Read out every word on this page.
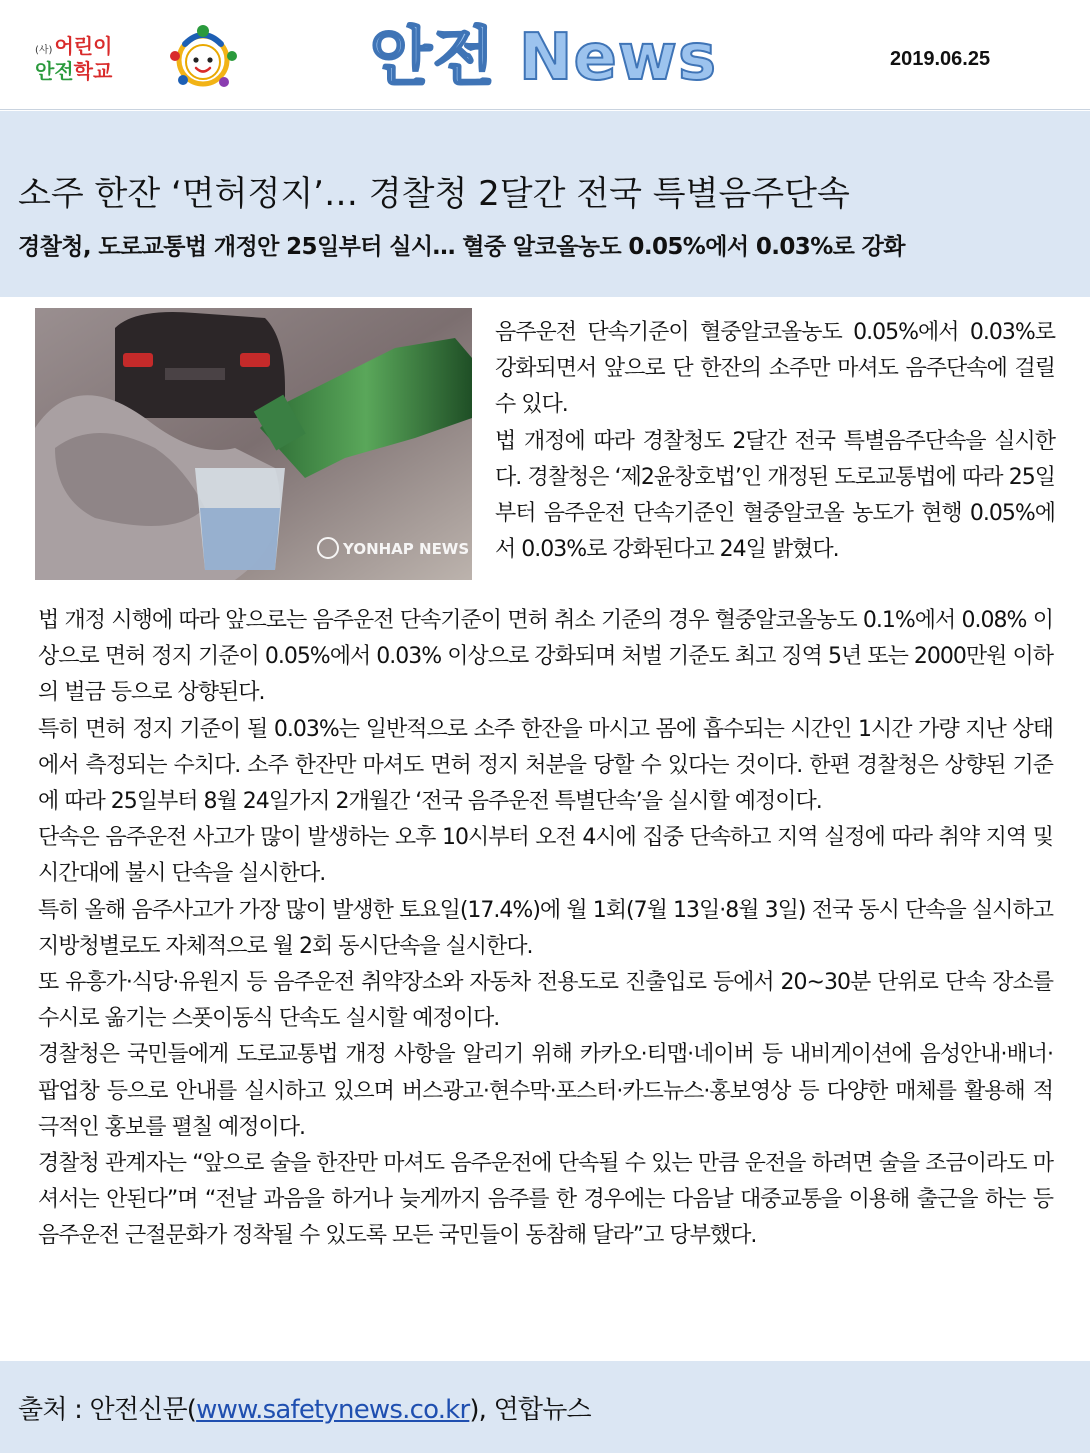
(사) 어린이
안전학교	안전 News	2019.06.25
소주 한잔 ‘면허정지’… 경찰청 2달간 전국 특별음주단속
경찰청, 도로교통법 개정안 25일부터 실시… 혈중 알코올농도 0.05%에서 0.03%로 강화
YONHAP NEWS

음주운전 단속기준이 혈중알코올농도 0.05%에서 0.03%로 강화되면서 앞으로 단 한잔의 소주만 마셔도 음주단속에 걸릴 수 있다.

법 개정에 따라 경찰청도 2달간 전국 특별음주단속을 실시한다. 경찰청은 ‘제2윤창호법’인 개정된 도로교통법에 따라 25일부터 음주운전 단속기준인 혈중알코올 농도가 현행 0.05%에서 0.03%로 강화된다고 24일 밝혔다.

법 개정 시행에 따라 앞으로는 음주운전 단속기준이 면허 취소 기준의 경우 혈중알코올농도 0.1%에서 0.08% 이상으로 면허 정지 기준이 0.05%에서 0.03% 이상으로 강화되며 처벌 기준도 최고 징역 5년 또는 2000만원 이하의 벌금 등으로 상향된다.

특히 면허 정지 기준이 될 0.03%는 일반적으로 소주 한잔을 마시고 몸에 흡수되는 시간인 1시간 가량 지난 상태에서 측정되는 수치다. 소주 한잔만 마셔도 면허 정지 처분을 당할 수 있다는 것이다. 한편 경찰청은 상향된 기준에 따라 25일부터 8월 24일가지 2개월간 ‘전국 음주운전 특별단속’을 실시할 예정이다.

단속은 음주운전 사고가 많이 발생하는 오후 10시부터 오전 4시에 집중 단속하고 지역 실정에 따라 취약 지역 및 시간대에 불시 단속을 실시한다.

특히 올해 음주사고가 가장 많이 발생한 토요일(17.4%)에 월 1회(7월 13일·8월 3일) 전국 동시 단속을 실시하고 지방청별로도 자체적으로 월 2회 동시단속을 실시한다.

또 유흥가·식당·유원지 등 음주운전 취약장소와 자동차 전용도로 진출입로 등에서 20~30분 단위로 단속 장소를 수시로 옮기는 스폿이동식 단속도 실시할 예정이다.

경찰청은 국민들에게 도로교통법 개정 사항을 알리기 위해 카카오·티맵·네이버 등 내비게이션에 음성안내·배너·팝업창 등으로 안내를 실시하고 있으며 버스광고·현수막·포스터·카드뉴스·홍보영상 등 다양한 매체를 활용해 적극적인 홍보를 펼칠 예정이다.

경찰청 관계자는 “앞으로 술을 한잔만 마셔도 음주운전에 단속될 수 있는 만큼 운전을 하려면 술을 조금이라도 마셔서는 안된다”며 “전날 과음을 하거나 늦게까지 음주를 한 경우에는 다음날 대중교통을 이용해 출근을 하는 등 음주운전 근절문화가 정착될 수 있도록 모든 국민들이 동참해 달라”고 당부했다.

출처 : 안전신문(www.safetynews.co.kr), 연합뉴스
